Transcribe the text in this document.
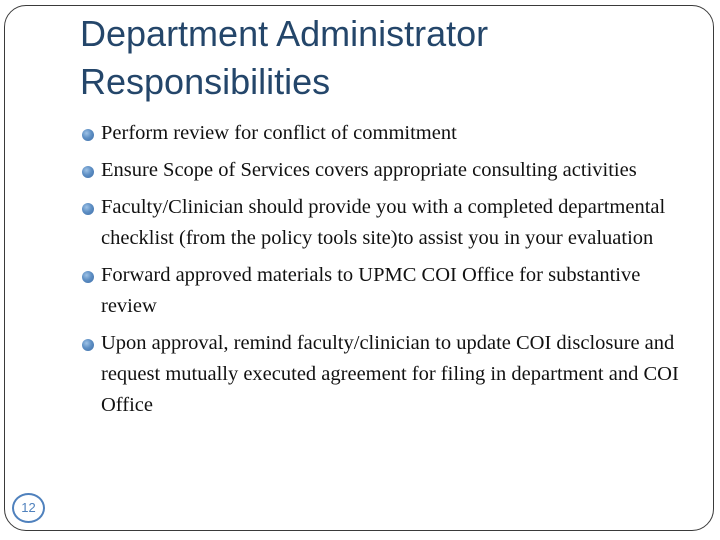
Department Administrator
Responsibilities
Perform review for conflict of commitment
Ensure Scope of Services covers appropriate consulting activities
Faculty/Clinician should provide you with a completed departmental checklist (from the policy tools site)to assist you in your evaluation
Forward approved materials to UPMC COI Office for substantive review
Upon approval, remind faculty/clinician to update COI disclosure and request mutually executed agreement for filing in department and COI Office
12
